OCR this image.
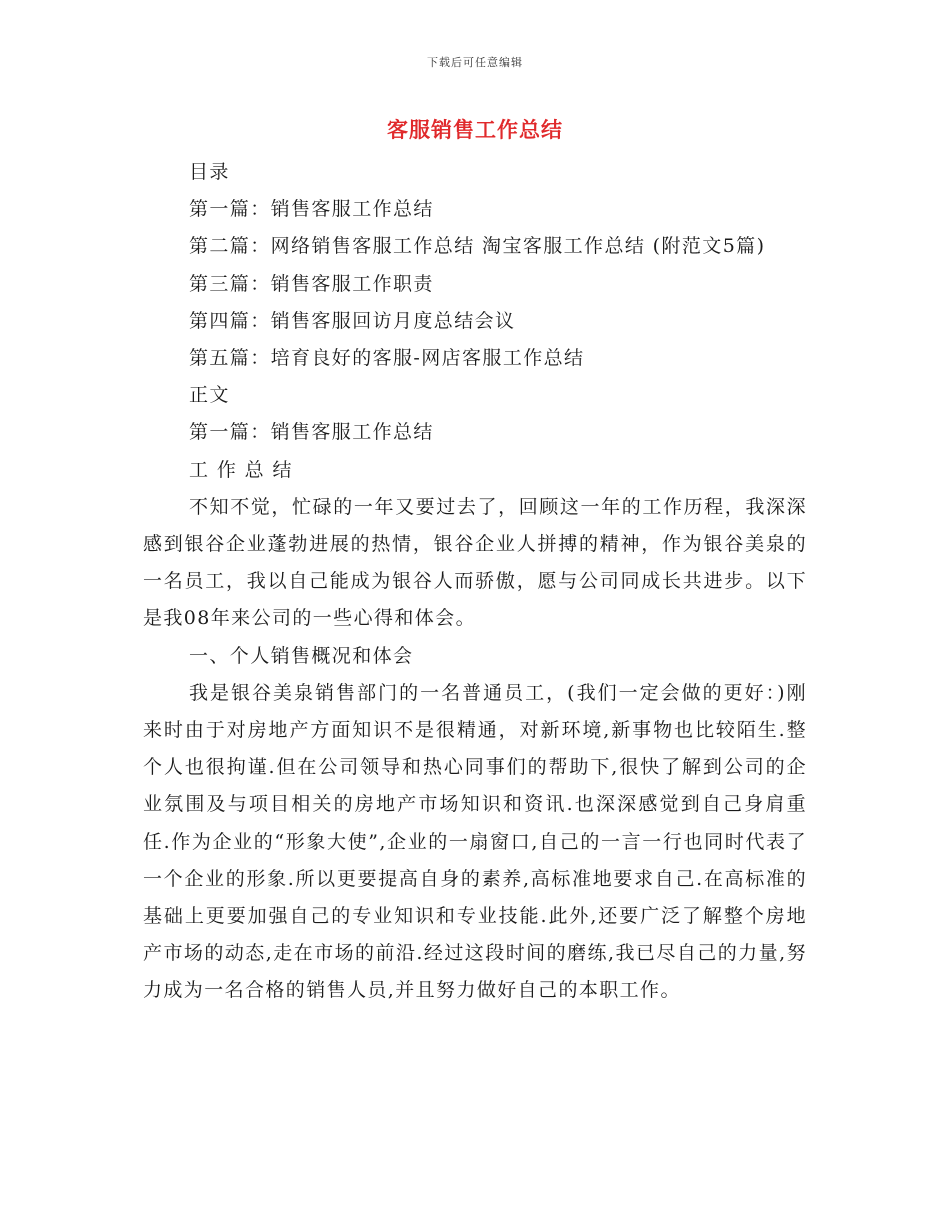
下载后可任意编辑
客服销售工作总结

目录

第一篇：销售客服工作总结

第二篇：网络销售客服工作总结 淘宝客服工作总结 (附范文5篇)

第三篇：销售客服工作职责

第四篇：销售客服回访月度总结会议

第五篇：培育良好的客服-网店客服工作总结

正文

第一篇：销售客服工作总结

工 作 总 结

不知不觉，忙碌的一年又要过去了，回顾这一年的工作历程，我深深感到银谷企业蓬勃进展的热情，银谷企业人拼搏的精神，作为银谷美泉的一名员工，我以自己能成为银谷人而骄傲，愿与公司同成长共进步。以下是我08年来公司的一些心得和体会。

一、个人销售概况和体会

我是银谷美泉销售部门的一名普通员工，(我们一定会做的更好：)刚来时由于对房地产方面知识不是很精通，对新环境,新事物也比较陌生.整个人也很拘谨.但在公司领导和热心同事们的帮助下,很快了解到公司的企业氛围及与项目相关的房地产市场知识和资讯.也深深感觉到自己身肩重任.作为企业的“形象大使”,企业的一扇窗口,自己的一言一行也同时代表了一个企业的形象.所以更要提高自身的素养,高标准地要求自己.在高标准的基础上更要加强自己的专业知识和专业技能.此外,还要广泛了解整个房地产市场的动态,走在市场的前沿.经过这段时间的磨练,我已尽自己的力量,努力成为一名合格的销售人员,并且努力做好自己的本职工作。
